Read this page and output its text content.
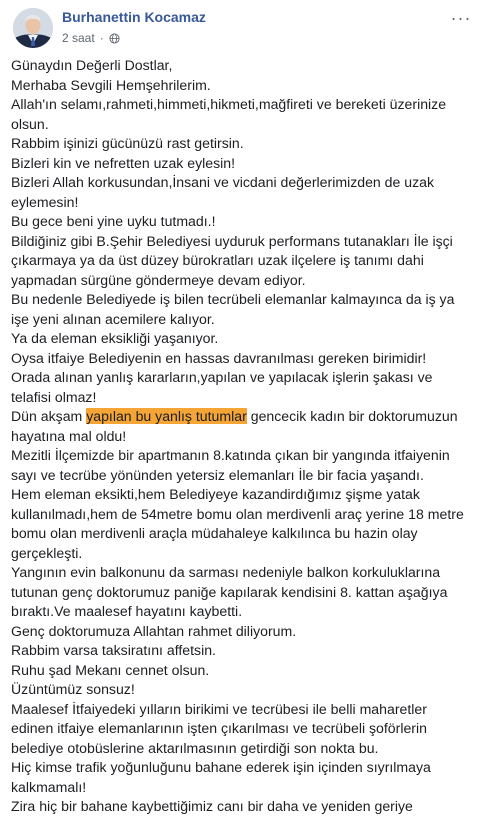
Burhanettin Kocamaz
2 saat ·
···

Günaydın Değerli Dostlar,

Merhaba Sevgili Hemşehrilerim.

Allah'ın selamı,rahmeti,himmeti,hikmeti,mağfireti ve bereketi üzerinize

olsun.

Rabbim işinizi gücünüzü rast getirsin.

Bizleri kin ve nefretten uzak eylesin!

Bizleri Allah korkusundan,İnsani ve vicdani değerlerimizden de uzak

eylemesin!

Bu gece beni yine uyku tutmadı.!

Bildiğiniz gibi B.Şehir Belediyesi uyduruk performans tutanakları İle işçi

çıkarmaya ya da üst düzey bürokratları uzak ilçelere iş tanımı dahi

yapmadan sürgüne göndermeye devam ediyor.

Bu nedenle Belediyede iş bilen tecrübeli elemanlar kalmayınca da iş ya

işe yeni alınan acemilere kalıyor.

Ya da eleman eksikliği yaşanıyor.

Oysa itfaiye Belediyenin en hassas davranılması gereken birimidir!

Orada alınan yanlış kararların,yapılan ve yapılacak işlerin şakası ve

telafisi olmaz!

Dün akşam yapılan bu yanlış tutumlar gencecik kadın bir doktorumuzun

hayatına mal oldu!

Mezitli İlçemizde bir apartmanın 8.katında çıkan bir yangında itfaiyenin

sayı ve tecrübe yönünden yetersiz elemanları İle bir facia yaşandı.

Hem eleman eksikti,hem Belediyeye kazandirdığımız şişme yatak

kullanılmadı,hem de 54metre bomu olan merdivenli araç yerine 18 metre

bomu olan merdivenli araçla müdahaleye kalkılınca bu hazin olay

gerçekleşti.

Yangının evin balkonunu da sarması nedeniyle balkon korkuluklarına

tutunan genç doktorumuz paniğe kapılarak kendisini 8. kattan aşağıya

bıraktı.Ve maalesef hayatını kaybetti.

Genç doktorumuza Allahtan rahmet diliyorum.

Rabbim varsa taksiratını affetsin.

Ruhu şad Mekanı cennet olsun.

Üzüntümüz sonsuz!

Maalesef İtfaiyedeki yılların birikimi ve tecrübesi ile belli maharetler

edinen itfaiye elemanlarının işten çıkarılması ve tecrübeli şoförlerin

belediye otobüslerine aktarılmasının getirdiği son nokta bu.

Hiç kimse trafik yoğunluğunu bahane ederek işin içinden sıyrılmaya

kalkmamalı!

Zira hiç bir bahane kaybettiğimiz canı bir daha ve yeniden geriye
